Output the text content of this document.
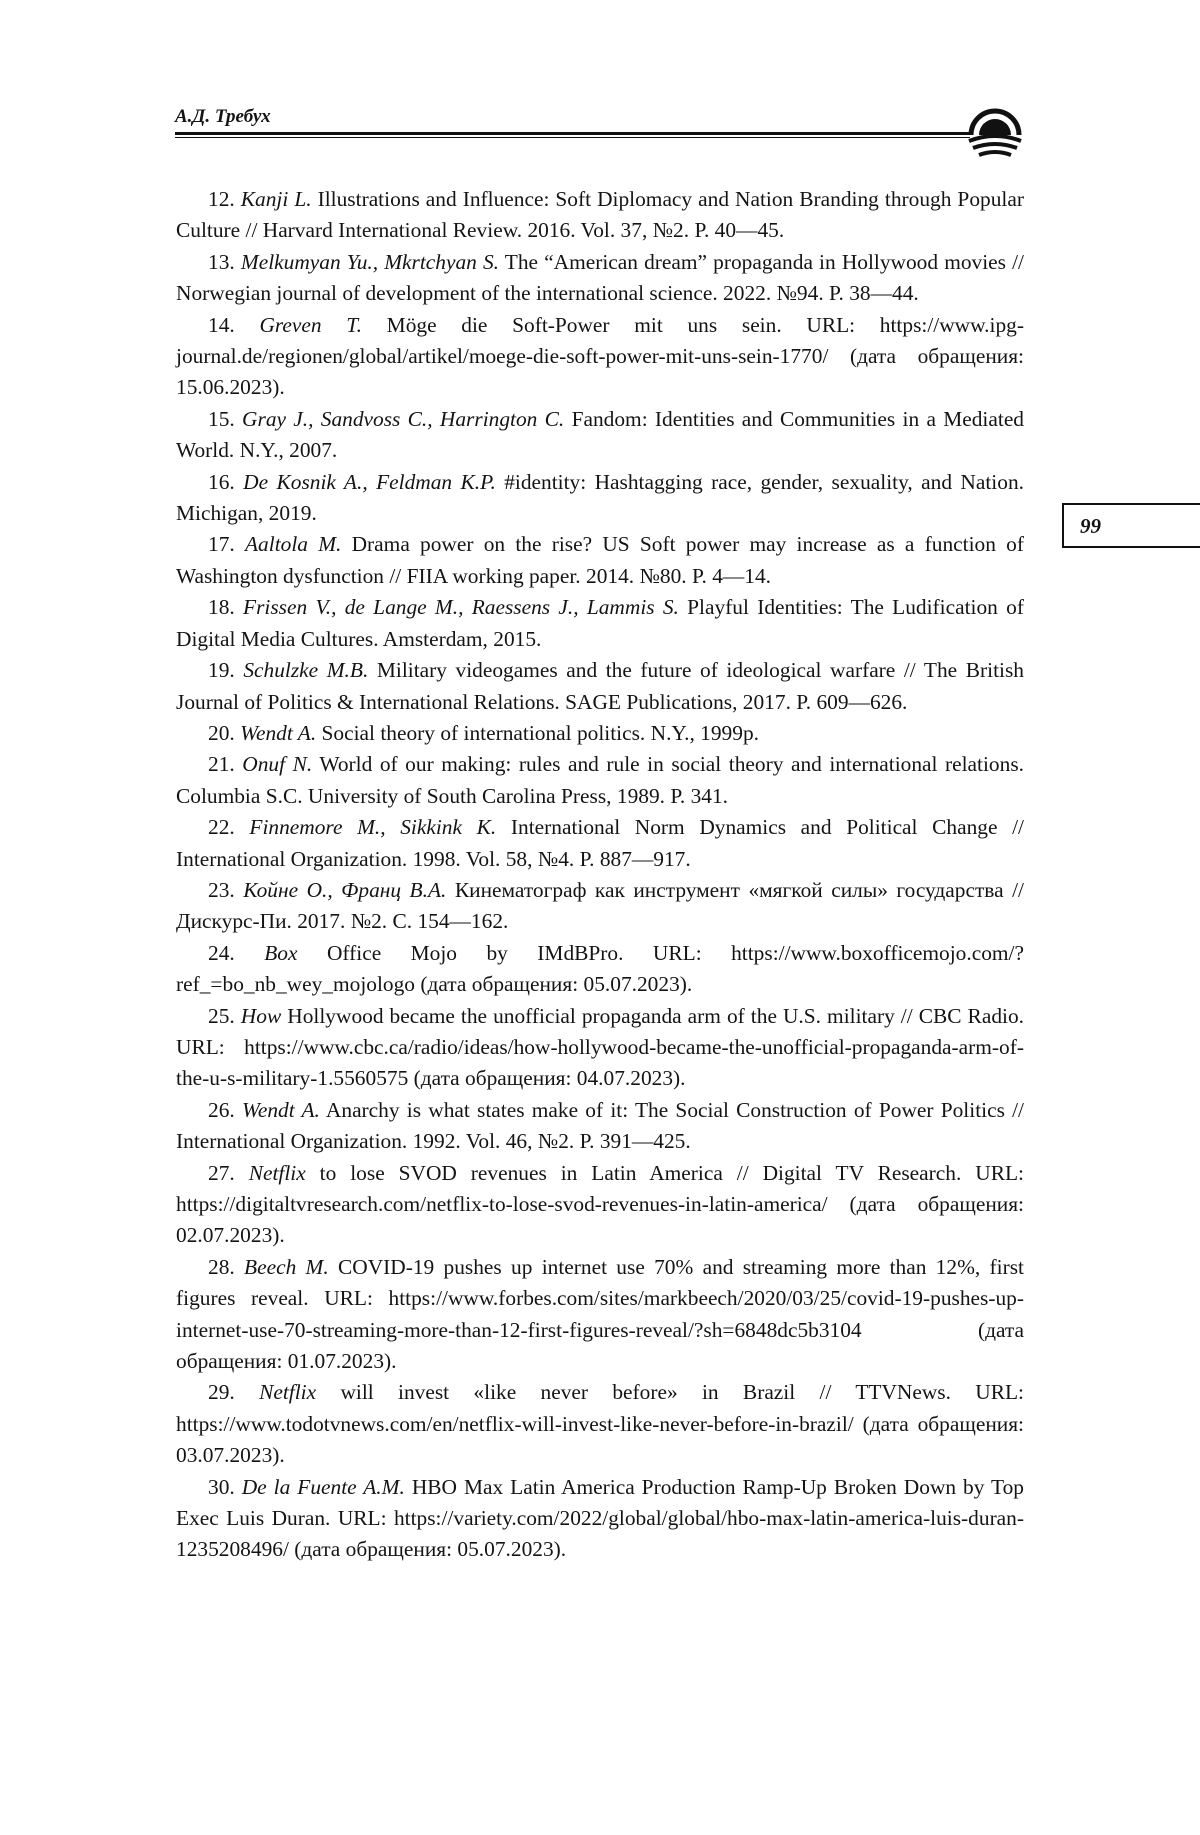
А.Д. Требух
99

12. Kanji L. Illustrations and Influence: Soft Diplomacy and Nation Branding through Popular Culture // Harvard International Review. 2016. Vol. 37, №2. P. 40—45.

13. Melkumyan Yu., Mkrtchyan S. The “American dream” propaganda in Hollywood movies // Norwegian journal of development of the international science. 2022. №94. P. 38—44.

14. Greven T. Möge die Soft-Power mit uns sein. URL: https://www.ipg-journal.de/regionen/global/artikel/moege-die-soft-power-mit-uns-sein-1770/ (дата обращения: 15.06.2023).

15. Gray J., Sandvoss C., Harrington C. Fandom: Identities and Communities in a Mediated World. N.Y., 2007.

16. De Kosnik A., Feldman K.P. #identity: Hashtagging race, gender, sexuality, and Nation. Michigan, 2019.

17. Aaltola M. Drama power on the rise? US Soft power may increase as a function of Washington dysfunction // FIIA working paper. 2014. №80. P. 4—14.

18. Frissen V., de Lange M., Raessens J., Lammis S. Playful Identities: The Ludification of Digital Media Cultures. Amsterdam, 2015.

19. Schulzke M.B. Military videogames and the future of ideological warfare // The British Journal of Politics & International Relations. SAGE Publications, 2017. P. 609—626.

20. Wendt A. Social theory of international politics. N.Y., 1999p.

21. Onuf N. World of our making: rules and rule in social theory and international relations. Columbia S.C. University of South Carolina Press, 1989. P. 341.

22. Finnemore M., Sikkink K. International Norm Dynamics and Political Change // International Organization. 1998. Vol. 58, №4. P. 887—917.

23. Койне О., Франц В.А. Кинематограф как инструмент «мягкой силы» государства // Дискурс-Пи. 2017. №2. С. 154—162.

24. Box Office Mojo by IMdBPro. URL: https://www.boxofficemojo.com/?ref_=bo_nb_wey_mojologo (дата обращения: 05.07.2023).

25. How Hollywood became the unofficial propaganda arm of the U.S. military // CBC Radio. URL: https://www.cbc.ca/radio/ideas/how-hollywood-became-the-unofficial-propaganda-arm-of-the-u-s-military-1.5560575 (дата обращения: 04.07.2023).

26. Wendt A. Anarchy is what states make of it: The Social Construction of Power Politics // International Organization. 1992. Vol. 46, №2. P. 391—425.

27. Netflix to lose SVOD revenues in Latin America // Digital TV Research. URL: https://digitaltvresearch.com/netflix-to-lose-svod-revenues-in-latin-america/ (дата обращения: 02.07.2023).

28. Beech M. COVID-19 pushes up internet use 70% and streaming more than 12%, first figures reveal. URL: https://www.forbes.com/sites/markbeech/2020/03/25/covid-19-pushes-up-internet-use-70-streaming-more-than-12-first-figures-reveal/?sh=6848dc5b3104 (дата обращения: 01.07.2023).

29. Netflix will invest «like never before» in Brazil // TTVNews. URL: https://www.todotvnews.com/en/netflix-will-invest-like-never-before-in-brazil/ (дата обращения: 03.07.2023).

30. De la Fuente A.M. HBO Max Latin America Production Ramp-Up Broken Down by Top Exec Luis Duran. URL: https://variety.com/2022/global/global/hbo-max-latin-america-luis-duran-1235208496/ (дата обращения: 05.07.2023).
